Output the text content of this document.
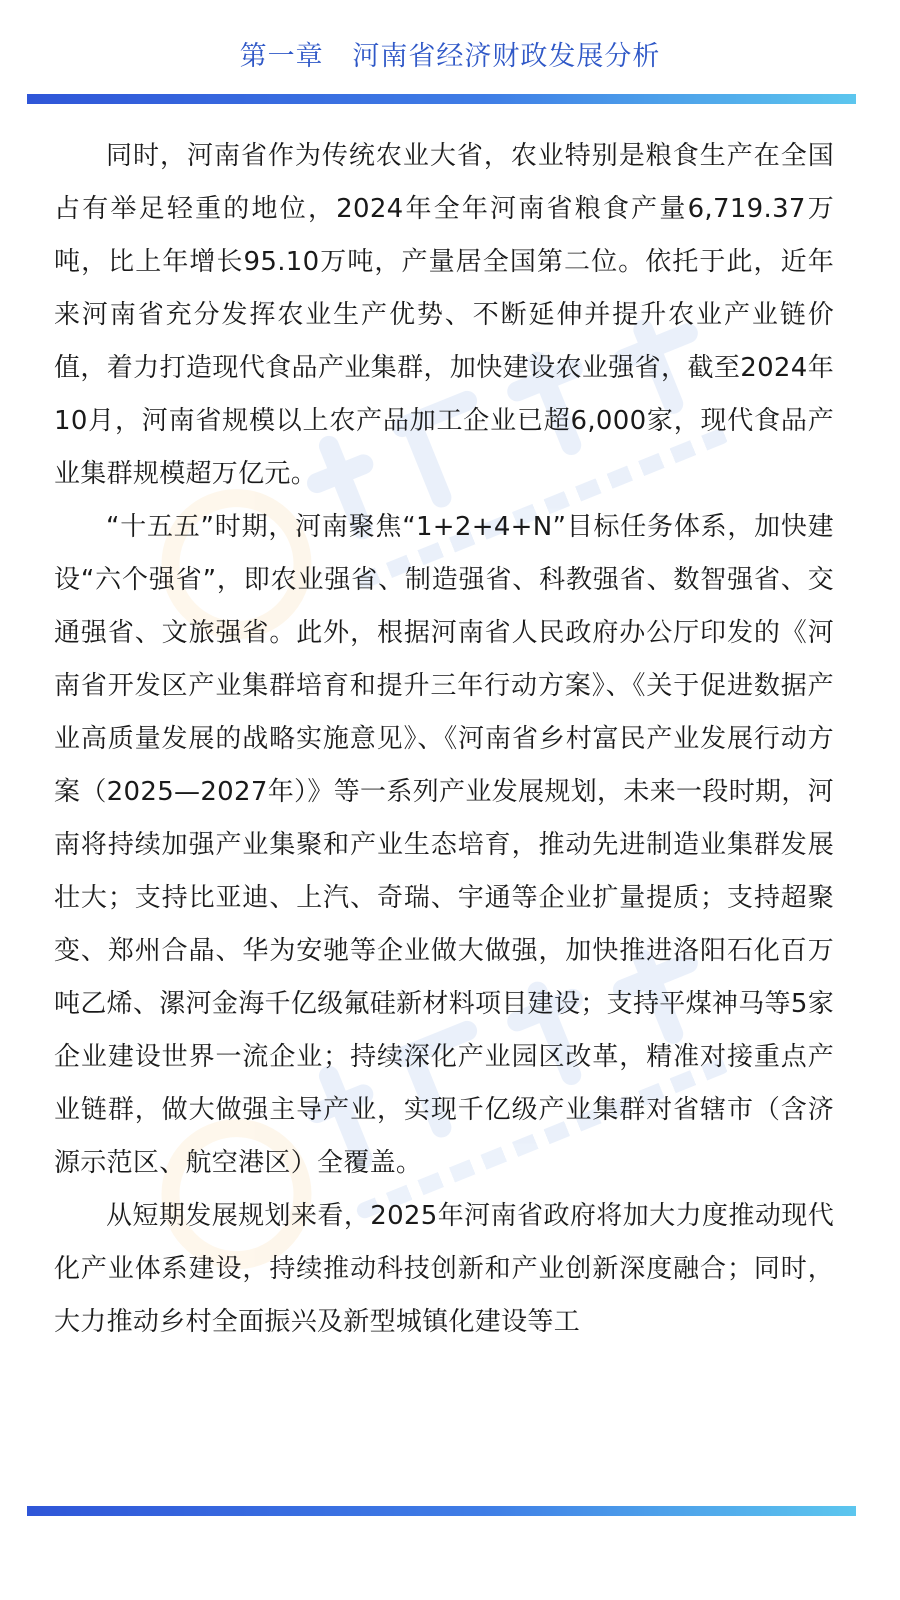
第一章   河南省经济财政发展分析

同时，河南省作为传统农业大省，农业特别是粮食生产在全国占有举足轻重的地位，2024年全年河南省粮食产量6,719.37万吨，比上年增长95.10万吨，产量居全国第二位。依托于此，近年来河南省充分发挥农业生产优势、不断延伸并提升农业产业链价值，着力打造现代食品产业集群，加快建设农业强省，截至2024年10月，河南省规模以上农产品加工企业已超6,000家，现代食品产业集群规模超万亿元。

“十五五”时期，河南聚焦“1+2+4+N”目标任务体系，加快建设“六个强省”，即农业强省、制造强省、科教强省、数智强省、交通强省、文旅强省。此外，根据河南省人民政府办公厅印发的《河南省开发区产业集群培育和提升三年行动方案》、《关于促进数据产业高质量发展的战略实施意见》、《河南省乡村富民产业发展行动方案（2025—2027年）》等一系列产业发展规划，未来一段时期，河南将持续加强产业集聚和产业生态培育，推动先进制造业集群发展壮大；支持比亚迪、上汽、奇瑞、宇通等企业扩量提质；支持超聚变、郑州合晶、华为安驰等企业做大做强，加快推进洛阳石化百万吨乙烯、漯河金海千亿级氟硅新材料项目建设；支持平煤神马等5家企业建设世界一流企业；持续深化产业园区改革，精准对接重点产业链群，做大做强主导产业，实现千亿级产业集群对省辖市（含济源示范区、航空港区）全覆盖。

从短期发展规划来看，2025年河南省政府将加大力度推动现代化产业体系建设，持续推动科技创新和产业创新深度融合；同时，大力推动乡村全面振兴及新型城镇化建设等工
